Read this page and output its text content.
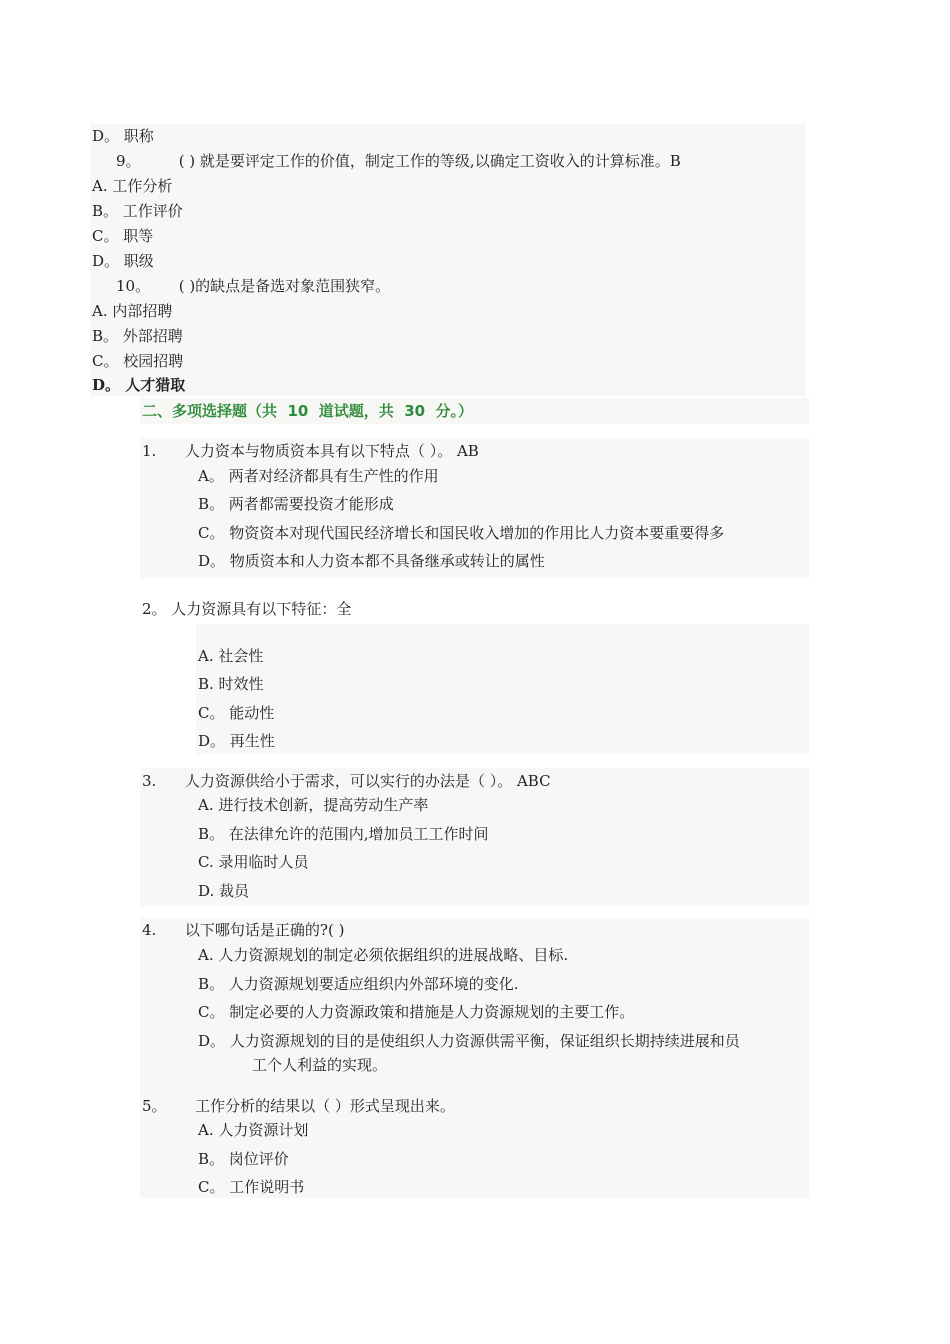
D。 职称
9。        ( ) 就是要评定工作的价值，制定工作的等级,以确定工资收入的计算标准。B
A. 工作分析
B。 工作评价
C。 职等
D。 职级
10。      ( )的缺点是备选对象范围狭窄。
A. 内部招聘
B。 外部招聘
C。 校园招聘
D。 人才猎取
二、多项选择题（共  10  道试题，共  30  分。）
1.      人力资本与物质资本具有以下特点（ ）。 AB
A。 两者对经济都具有生产性的作用
B。 两者都需要投资才能形成
C。 物资资本对现代国民经济增长和国民收入增加的作用比人力资本要重要得多
D。 物质资本和人力资本都不具备继承或转让的属性
2。 人力资源具有以下特征：全
A. 社会性
B. 时效性
C。 能动性
D。 再生性
3.      人力资源供给小于需求，可以实行的办法是（ ）。 ABC
A. 进行技术创新，提高劳动生产率
B。 在法律允许的范围内,增加员工工作时间
C. 录用临时人员
D. 裁员
4.      以下哪句话是正确的?( )
A. 人力资源规划的制定必须依据组织的进展战略、目标.
B。 人力资源规划要适应组织内外部环境的变化.
C。 制定必要的人力资源政策和措施是人力资源规划的主要工作。
D。 人力资源规划的目的是使组织人力资源供需平衡，保证组织长期持续进展和员
工个人利益的实现。
5。      工作分析的结果以（ ）形式呈现出来。
A. 人力资源计划
B。 岗位评价
C。 工作说明书
